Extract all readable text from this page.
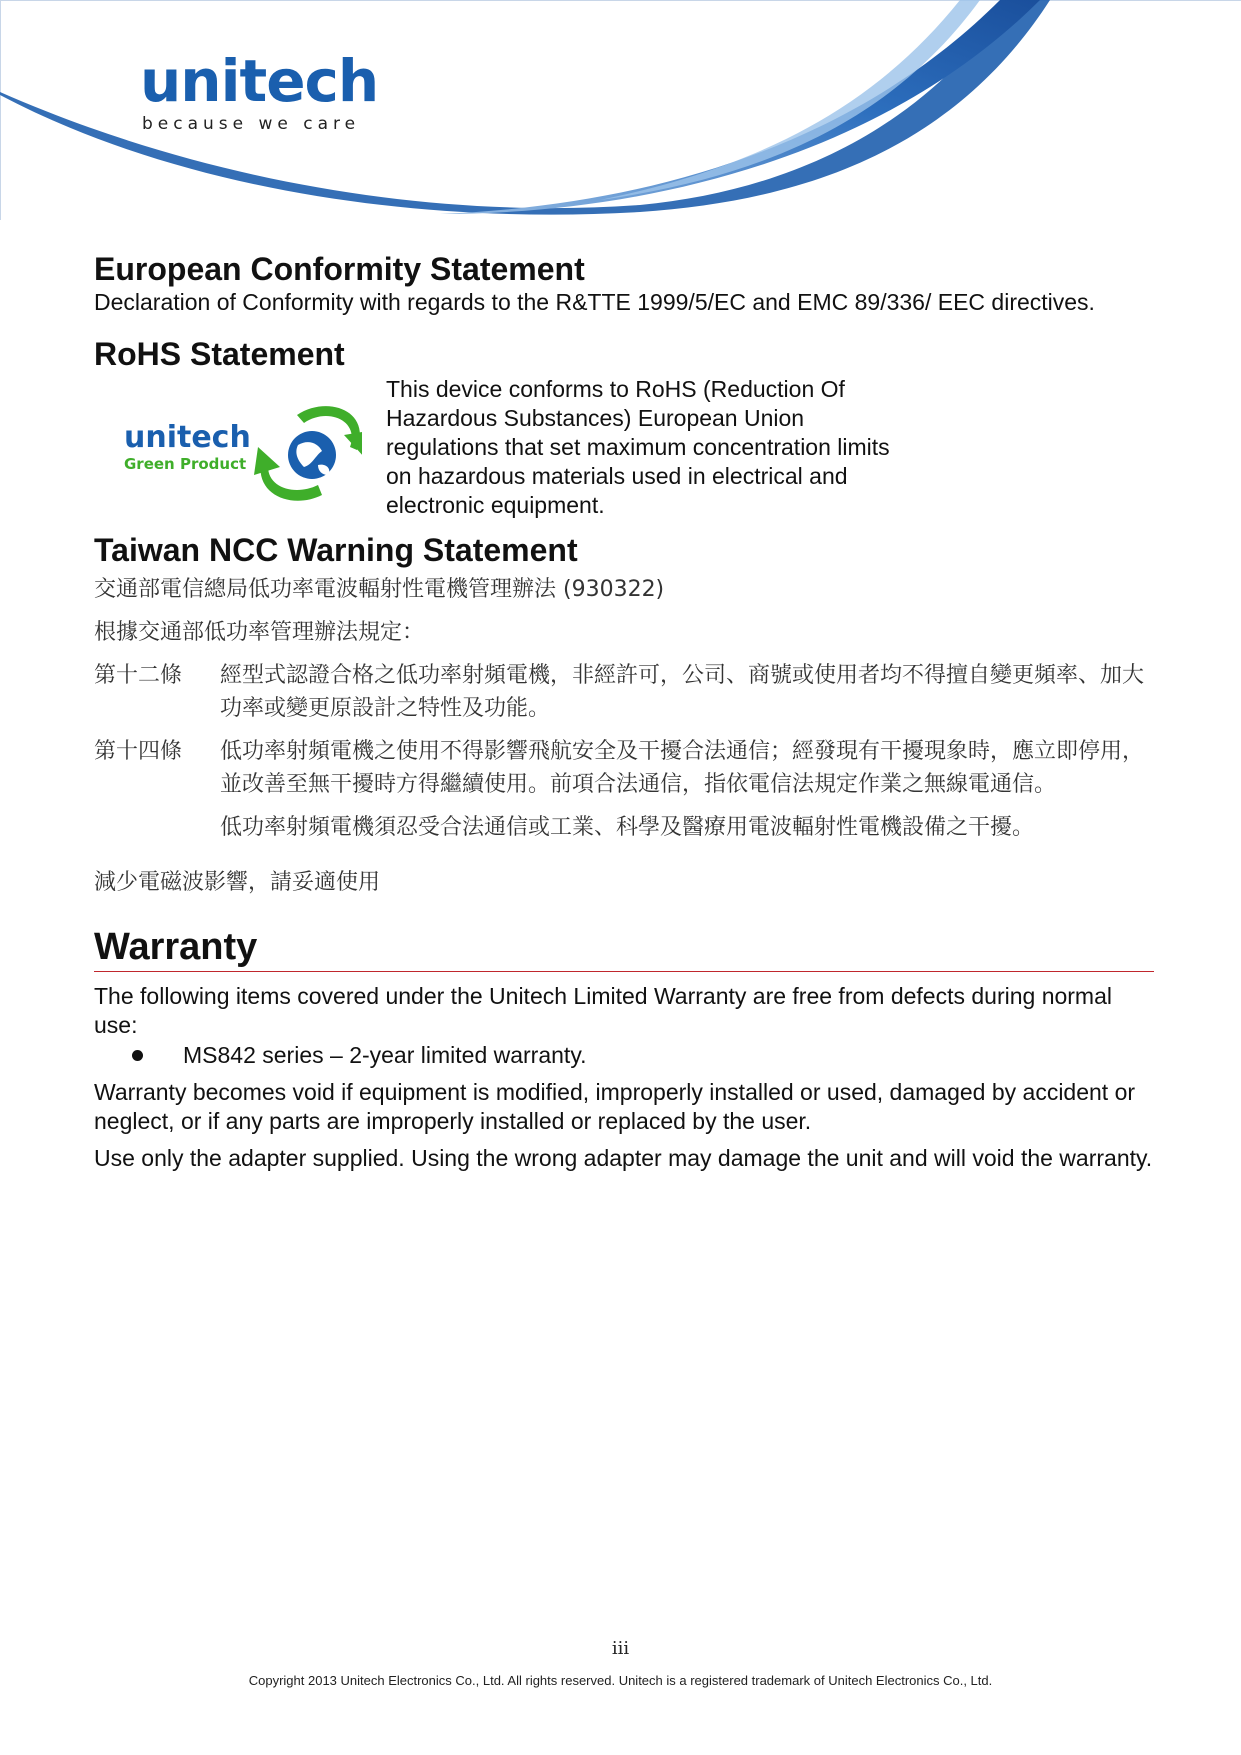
unitech
because we care
European Conformity Statement

Declaration of Conformity with regards to the R&TTE 1999/5/EC and EMC 89/336/ EEC directives.

RoHS Statement
unitech
Green Product

This device conforms to RoHS (Reduction Of

Hazardous Substances) European Union

regulations that set maximum concentration limits

on hazardous materials used in electrical and

electronic equipment.

Taiwan NCC Warning Statement
交通部電信總局低功率電波輻射性電機管理辦法 (930322)
根據交通部低功率管理辦法規定：
第十二條	經型式認證合格之低功率射頻電機，非經許可，公司、商號或使用者均不得擅自變更頻率、加大功率或變更原設計之特性及功能。
第十四條	低功率射頻電機之使用不得影響飛航安全及干擾合法通信；經發現有干擾現象時，應立即停用，並改善至無干擾時方得繼續使用。前項合法通信，指依電信法規定作業之無線電通信。
低功率射頻電機須忍受合法通信或工業、科學及醫療用電波輻射性電機設備之干擾。
減少電磁波影響，請妥適使用
Warranty

The following items covered under the Unitech Limited Warranty are free from defects during normal use:

MS842 series – 2-year limited warranty.

Warranty becomes void if equipment is modified, improperly installed or used, damaged by accident or neglect, or if any parts are improperly installed or replaced by the user.

Use only the adapter supplied. Using the wrong adapter may damage the unit and will void the warranty.

iii
Copyright 2013 Unitech Electronics Co., Ltd. All rights reserved. Unitech is a registered trademark of Unitech Electronics Co., Ltd.
